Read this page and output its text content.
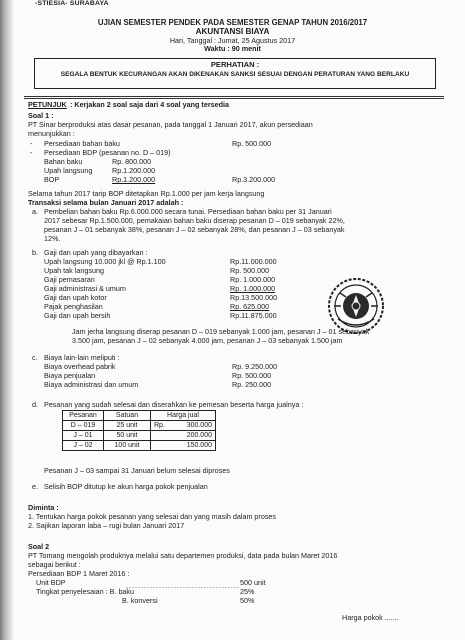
-STIESIA- SURABAYA
UJIAN SEMESTER PENDEK PADA SEMESTER GENAP TAHUN 2016/2017
AKUNTANSI BIAYA
Hari, Tanggal : Jumat, 25 Agustus 2017
Waktu : 90 menit
PERHATIAN :
SEGALA BENTUK KECURANGAN AKAN DIKENAKAN SANKSI SESUAI DENGAN PERATURAN YANG BERLAKU
PETUNJUK : Kerjakan 2 soal saja dari 4 soal yang tersedia
Soal 1 :
PT Sinar berproduksi atas dasar pesanan, pada tanggal 1 Januari 2017, akun persediaan
menunjukkan :
- Persediaan bahan baku	Rp. 500.000
- Persediaan BDP (pesanan no. D – 019)
Bahan baku	Rp. 800.000
Upah langsung	Rp.1.200.000
BOP	Rp.1.200.000	Rp.3.200.000
Selama tahun 2017 tarip BOP ditetapkan Rp.1.000 per jam kerja langsung
Transaksi selama bulan Januari 2017 adalah :
a. Pembelian bahan baku Rp.6.000.000 secara tunai. Persediaan bahan baku per 31 Januari
2017 sebesar Rp.1.500.000, pemakaian bahan baku diserap pesanan D – 019 sebanyak 22%,
pesanan J – 01 sebanyak 38%, pesanan J – 02 sebanyak 28%, dan pesanan J – 03 sebanyak
12%.
b. Gaji dan upah yang dibayarkan :
Upah langsung 10.000 jkl @ Rp.1.100	Rp.11.000.000
Upah tak langsung	Rp. 500.000
Gaji pemasaran	Rp. 1.000.000
Gaji administrasi & umum	Rp. 1.000.000
Gaji dan upah kotor	Rp.13.500.000
Pajak penghasilan	Rp. 625.000
Gaji dan upah bersih	Rp.11.875.000
Jam jerha langsung diserap pesanan D – 019 sebanyak 1.000 jam, pesanan J – 01 sebanyak
3.500 jam, pesanan J – 02 sebanyak 4.000 jam, pesanan J – 03 sebanyak 1.500 jam
c. Biaya lain-lain meliputi :
Biaya overhead pabrik	Rp. 9.250.000
Biaya penjualan	Rp. 500.000
Biaya administrasi dan umum	Rp. 250.000
d. Pesanan yang sudah selesai dan diserahkan ke pemesan beserta harga jualnya :
Pesanan	Satuan	Harga jual	
D – 019	25 unit	Rp.	300.000
J – 01	50 unit		200.000
J – 02	100 unit		150.000
Pesanan J – 03 sampai 31 Januari belum selesai diproses
e. Selisih BOP ditutup ke akun harga pokok penjualan
Diminta :
1. Tentukan harga pokok pesanan yang selesai dan yang masih dalam proses
2. Sajikan laporan laba – rugi bulan Januari 2017
Soal 2
PT Tomang mengolah produknya melalui satu departemen produksi, data pada bulan Maret 2016
sebagai berikut :
Persediaan BDP 1 Maret 2016 :
Unit BDP	...................................... 500 unit
Tingkat penyelesaian : B. baku	25%
B. konversi	50%
Harga pokok .......
